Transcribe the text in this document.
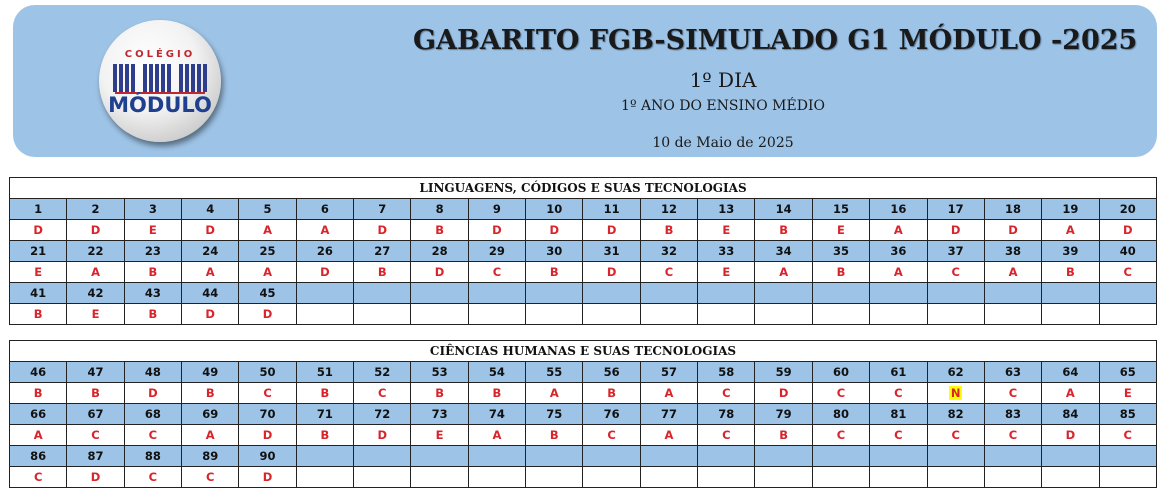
COLÉGIO
MÓDULO
GABARITO FGB-SIMULADO G1 MÓDULO -2025
1º DIA
1º ANO DO ENSINO MÉDIO
10 de Maio de 2025
LINGUAGENS, CÓDIGOS E SUAS TECNOLOGIAS																			
1	2	3	4	5	6	7	8	9	10	11	12	13	14	15	16	17	18	19	20
D	D	E	D	A	A	D	B	D	D	D	B	E	B	E	A	D	D	A	D
21	22	23	24	25	26	27	28	29	30	31	32	33	34	35	36	37	38	39	40
E	A	B	A	A	D	B	D	C	B	D	C	E	A	B	A	C	A	B	C
41	42	43	44	45															
B	E	B	D	D															
CIÊNCIAS HUMANAS E SUAS TECNOLOGIAS																			
46	47	48	49	50	51	52	53	54	55	56	57	58	59	60	61	62	63	64	65
B	B	D	B	C	B	C	B	B	A	B	A	C	D	C	C	N	C	A	E
66	67	68	69	70	71	72	73	74	75	76	77	78	79	80	81	82	83	84	85
A	C	C	A	D	B	D	E	A	B	C	A	C	B	C	C	C	C	D	C
86	87	88	89	90															
C	D	C	C	D															
